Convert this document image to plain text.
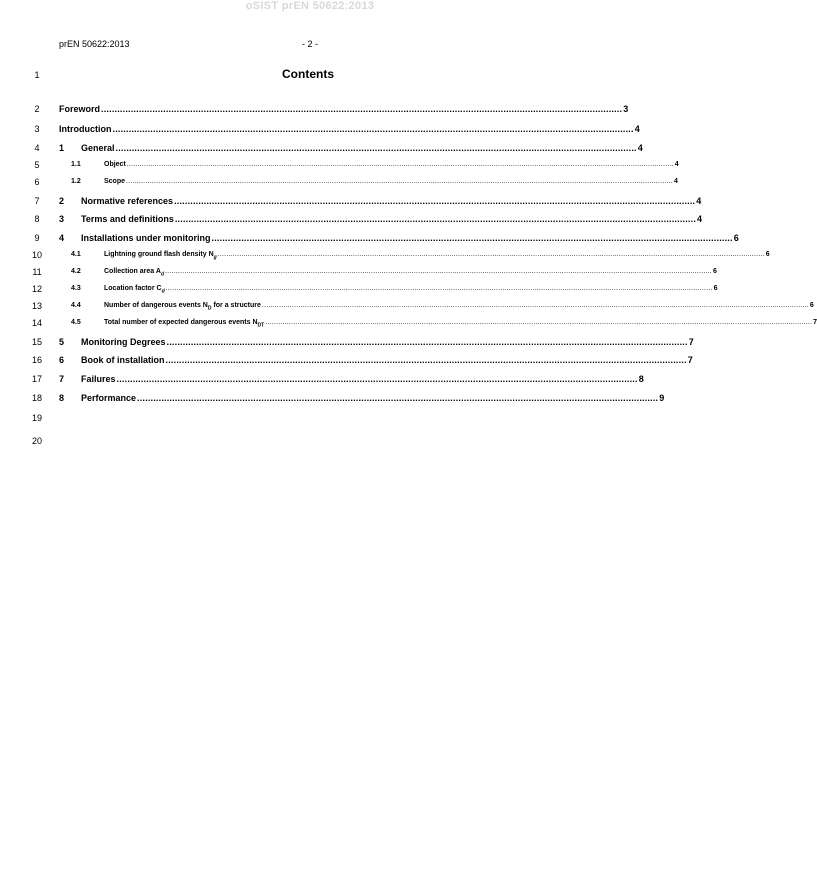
oSIST prEN 50622:2013
prEN 50622:2013	- 2 -
Contents
1
2
3
4
5
6
7
8
9
10
11
12
13
14
15
16
17
18
19
20
Foreword ................................................................................................................................................................................................. 3
Introduction ................................................................................................................................................................................................. 4
1	General ................................................................................................................................................................................................. 4
1.1	Object ............................................................................................................................................................................................................................................................... 4
1.2	Scope ............................................................................................................................................................................................................................................................... 4
2	Normative references ................................................................................................................................................................................................. 4
3	Terms and definitions ................................................................................................................................................................................................. 4
4	Installations under monitoring ................................................................................................................................................................................................. 6
4.1	Lightning ground flash density $N_g$ ............................................................................................................................................................................................................................................................... 6
4.2	Collection area $A_d$ ............................................................................................................................................................................................................................................................... 6
4.3	Location factor $C_d$ ............................................................................................................................................................................................................................................................... 6
4.4	Number of dangerous events $N_D$ for a structure ............................................................................................................................................................................................................................................................... 6
4.5	Total number of expected dangerous events $N_{DT}$ ............................................................................................................................................................................................................................................................... 7
5	Monitoring Degrees ................................................................................................................................................................................................. 7
6	Book of installation ................................................................................................................................................................................................. 7
7	Failures ................................................................................................................................................................................................. 8
8	Performance ................................................................................................................................................................................................. 9
